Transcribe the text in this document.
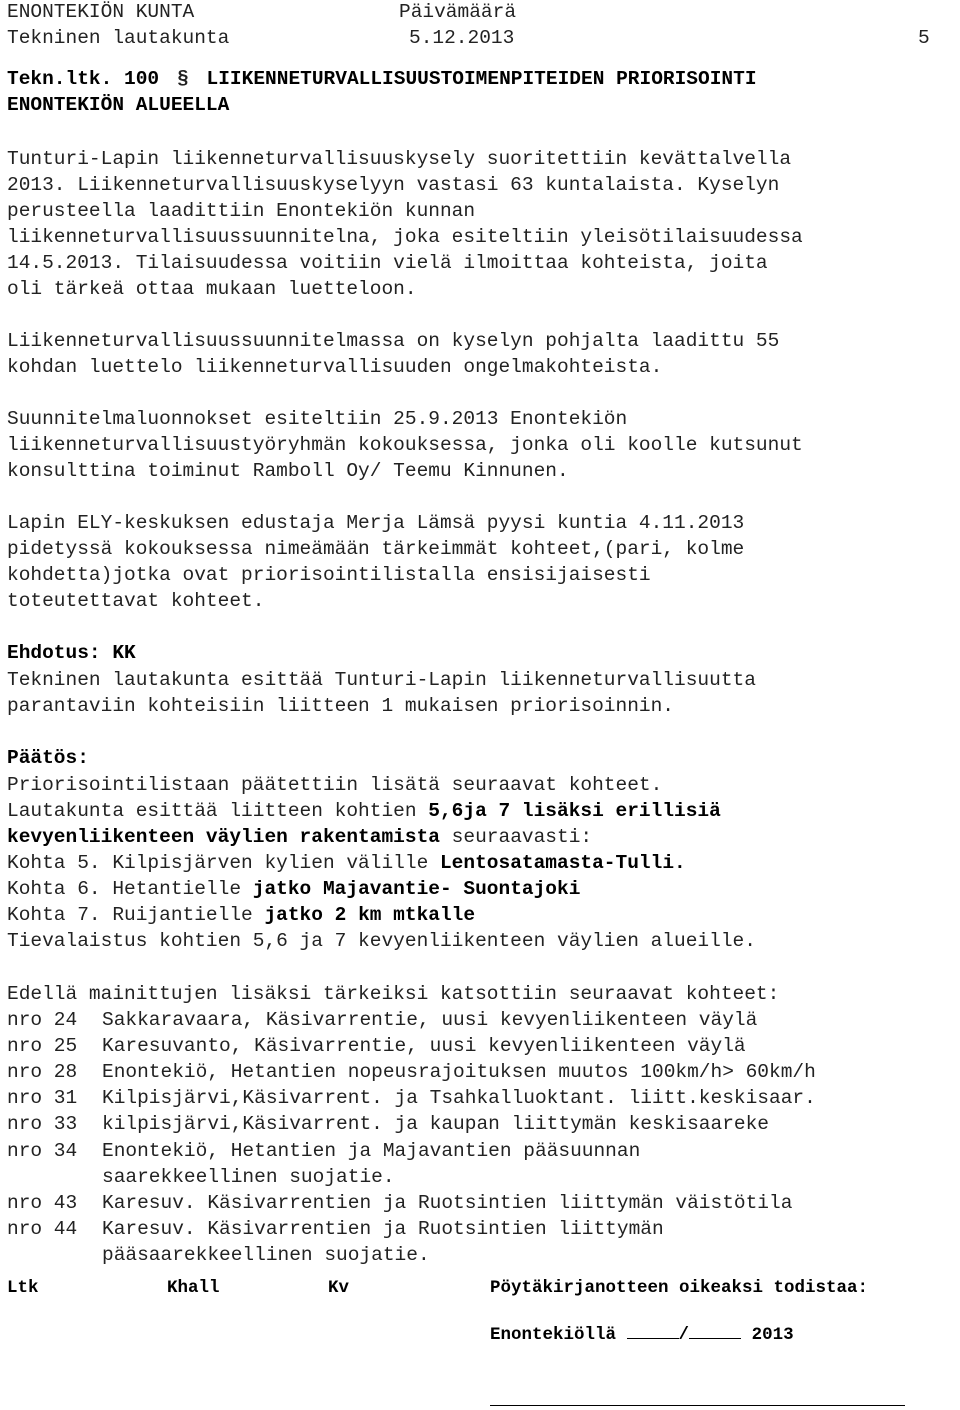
ENONTEKIÖN KUNTA	Päivämäärä
Tekninen lautakunta	5.12.2013	5
Tekn.ltk. 100 § LIIKENNETURVALLISUUSTOIMENPITEIDEN PRIORISOINTI
ENONTEKIÖN ALUEELLA
Tunturi-Lapin liikenneturvallisuuskysely suoritettiin kevättalvella
2013. Liikenneturvallisuuskyselyyn vastasi 63 kuntalaista. Kyselyn
perusteella laadittiin Enontekiön kunnan
liikenneturvallisuussuunnitelna, joka esiteltiin yleisötilaisuudessa
14.5.2013. Tilaisuudessa voitiin vielä ilmoittaa kohteista, joita
oli tärkeä ottaa mukaan luetteloon.
Liikenneturvallisuussuunnitelmassa on kyselyn pohjalta laadittu 55
kohdan luettelo liikenneturvallisuuden ongelmakohteista.
Suunnitelmaluonnokset esiteltiin 25.9.2013 Enontekiön
liikenneturvallisuustyöryhmän kokouksessa, jonka oli koolle kutsunut
konsulttina toiminut Ramboll Oy/ Teemu Kinnunen.
Lapin ELY-keskuksen edustaja Merja Lämsä pyysi kuntia 4.11.2013
pidetyssä kokouksessa nimeämään tärkeimmät kohteet,(pari, kolme
kohdetta)jotka ovat priorisointilistalla ensisijaisesti
toteutettavat kohteet.
Ehdotus: KK
Tekninen lautakunta esittää Tunturi-Lapin liikenneturvallisuutta
parantaviin kohteisiin liitteen 1 mukaisen priorisoinnin.
Päätös:
Priorisointilistaan päätettiin lisätä seuraavat kohteet.
Lautakunta esittää liitteen kohtien 5,6ja 7 lisäksi erillisiä
kevyenliikenteen väylien rakentamista seuraavasti:
Kohta 5. Kilpisjärven kylien välille Lentosatamasta-Tulli.
Kohta 6. Hetantielle jatko Majavantie- Suontajoki
Kohta 7. Ruijantielle jatko 2 km mtkalle
Tievalaistus kohtien 5,6 ja 7 kevyenliikenteen väylien alueille.
Edellä mainittujen lisäksi tärkeiksi katsottiin seuraavat kohteet:
nro 24 Sakkaravaara, Käsivarrentie, uusi kevyenliikenteen väylä
nro 25 Karesuvanto, Käsivarrentie, uusi kevyenliikenteen väylä
nro 28 Enontekiö, Hetantien nopeusrajoituksen muutos 100km/h> 60km/h
nro 31 Kilpisjärvi,Käsivarrent. ja Tsahkalluoktant. liitt.keskisaar.
nro 33 kilpisjärvi,Käsivarrent. ja kaupan liittymän keskisaareke
nro 34 Enontekiö, Hetantien ja Majavantien pääsuunnan
saarekkeellinen suojatie.
nro 43 Karesuv. Käsivarrentien ja Ruotsintien liittymän väistötila
nro 44 Karesuv. Käsivarrentien ja Ruotsintien liittymän
pääsaarekkeellinen suojatie.
Ltk	Khall	Kv	Pöytäkirjanotteen oikeaksi todistaa:
Enontekiöllä	/	2013
